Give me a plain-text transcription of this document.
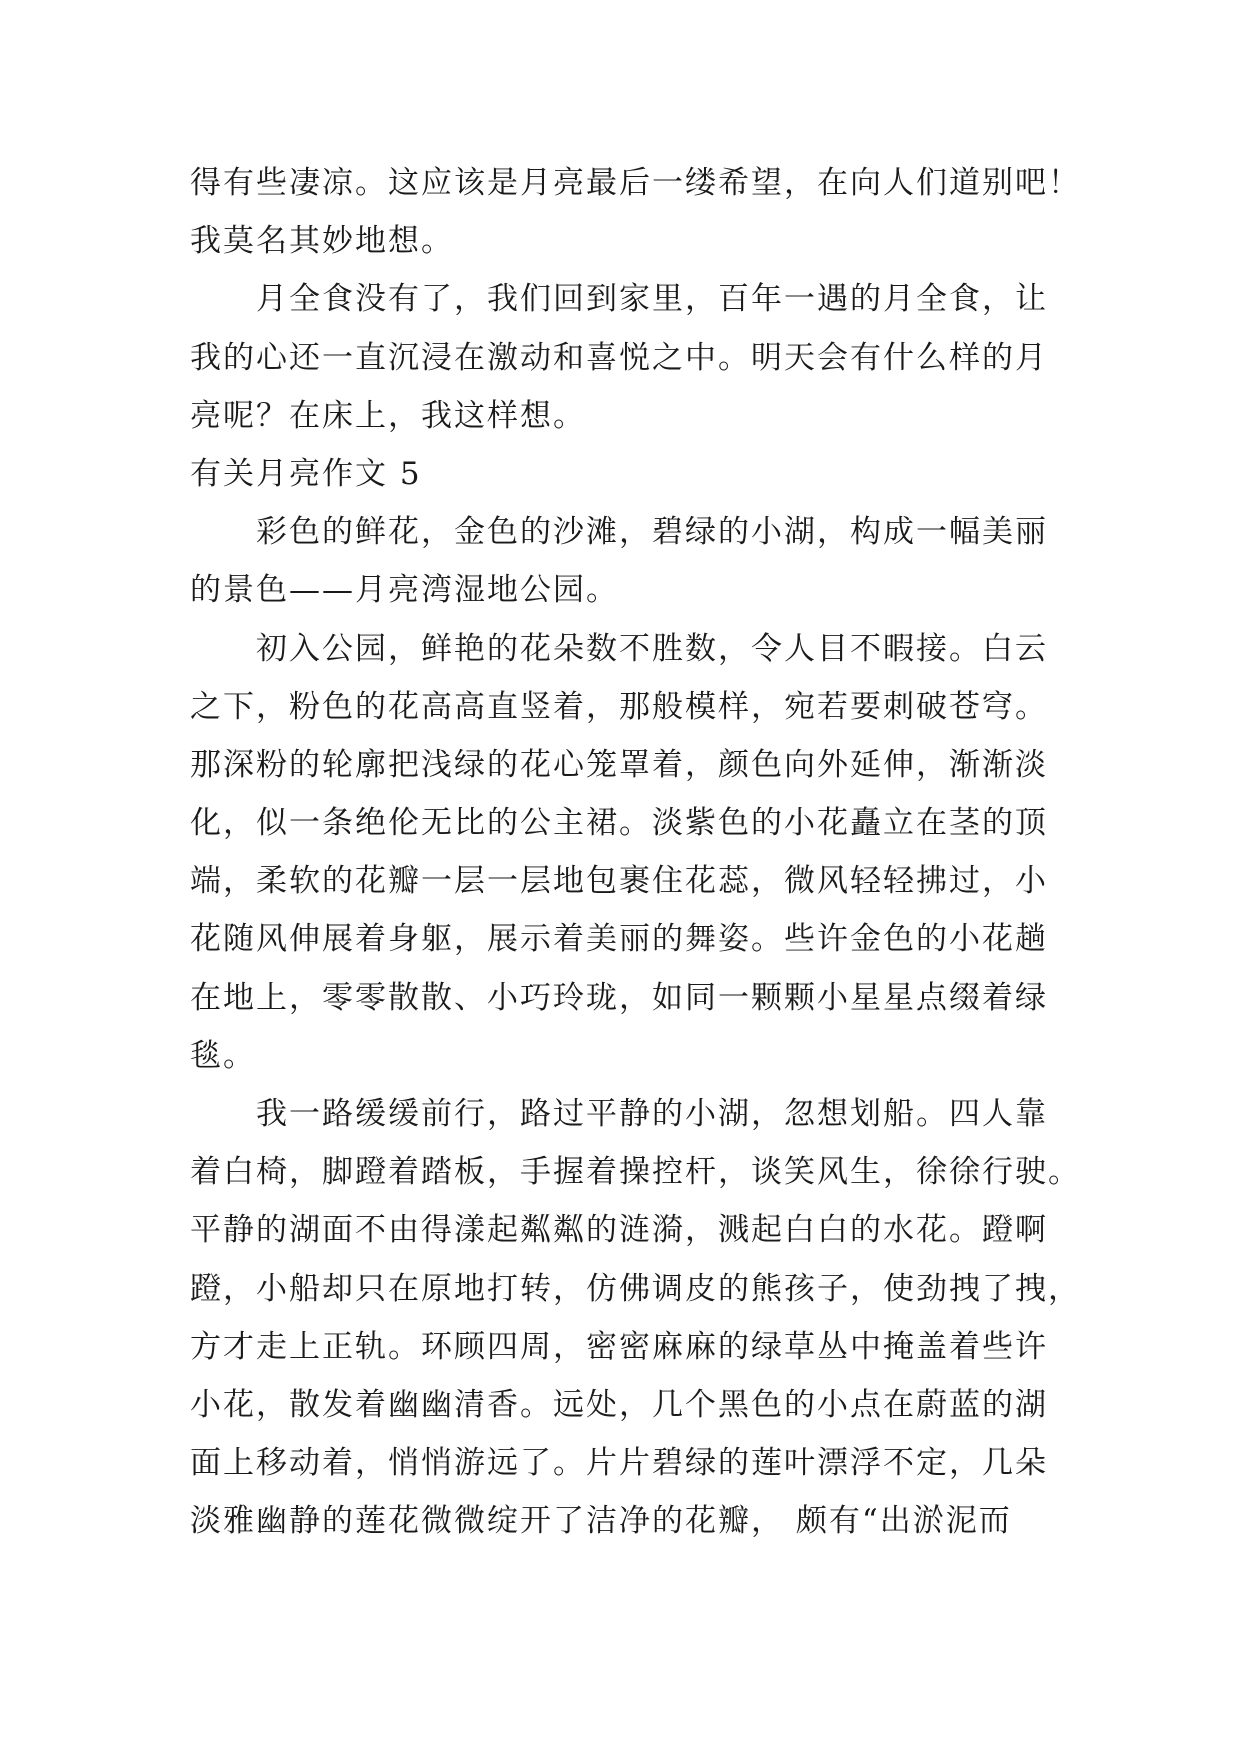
得有些凄凉。这应该是月亮最后一缕希望，在向人们道别吧！
我莫名其妙地想。
月全食没有了，我们回到家里，百年一遇的月全食，让
我的心还一直沉浸在激动和喜悦之中。明天会有什么样的月
亮呢？在床上，我这样想。
有关月亮作文 5
彩色的鲜花，金色的沙滩，碧绿的小湖，构成一幅美丽
的景色——月亮湾湿地公园。
初入公园，鲜艳的花朵数不胜数，令人目不暇接。白云
之下，粉色的花高高直竖着，那般模样，宛若要刺破苍穹。
那深粉的轮廓把浅绿的花心笼罩着，颜色向外延伸，渐渐淡
化，似一条绝伦无比的公主裙。淡紫色的小花矗立在茎的顶
端，柔软的花瓣一层一层地包裹住花蕊，微风轻轻拂过，小
花随风伸展着身躯，展示着美丽的舞姿。些许金色的小花趟
在地上，零零散散、小巧玲珑，如同一颗颗小星星点缀着绿
毯。
我一路缓缓前行，路过平静的小湖，忽想划船。四人靠
着白椅，脚蹬着踏板，手握着操控杆，谈笑风生，徐徐行驶。
平静的湖面不由得漾起粼粼的涟漪，溅起白白的水花。蹬啊
蹬，小船却只在原地打转，仿佛调皮的熊孩子，使劲拽了拽，
方才走上正轨。环顾四周，密密麻麻的绿草丛中掩盖着些许
小花，散发着幽幽清香。远处，几个黑色的小点在蔚蓝的湖
面上移动着，悄悄游远了。片片碧绿的莲叶漂浮不定，几朵
淡雅幽静的莲花微微绽开了洁净的花瓣， 颇有“出淤泥而
